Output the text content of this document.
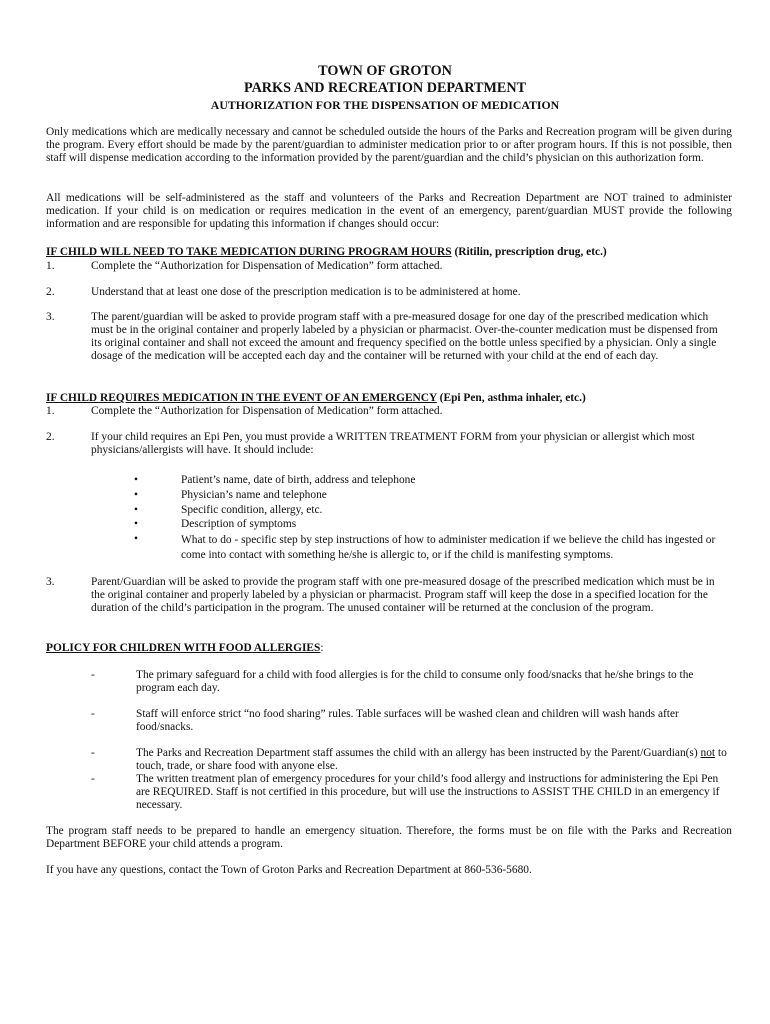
TOWN OF GROTON
PARKS AND RECREATION DEPARTMENT
AUTHORIZATION FOR THE DISPENSATION OF MEDICATION
Only medications which are medically necessary and cannot be scheduled outside the hours of the Parks and Recreation program will be given during the program. Every effort should be made by the parent/guardian to administer medication prior to or after program hours. If this is not possible, then staff will dispense medication according to the information provided by the parent/guardian and the child’s physician on this authorization form.
All medications will be self-administered as the staff and volunteers of the Parks and Recreation Department are NOT trained to administer medication. If your child is on medication or requires medication in the event of an emergency, parent/guardian MUST provide the following information and are responsible for updating this information if changes should occur:
IF CHILD WILL NEED TO TAKE MEDICATION DURING PROGRAM HOURS (Ritilin, prescription drug, etc.)
1.	Complete the “Authorization for Dispensation of Medication” form attached.
2.	Understand that at least one dose of the prescription medication is to be administered at home.
3.	The parent/guardian will be asked to provide program staff with a pre-measured dosage for one day of the prescribed medication which must be in the original container and properly labeled by a physician or pharmacist. Over-the-counter medication must be dispensed from its original container and shall not exceed the amount and frequency specified on the bottle unless specified by a physician. Only a single dosage of the medication will be accepted each day and the container will be returned with your child at the end of each day.
IF CHILD REQUIRES MEDICATION IN THE EVENT OF AN EMERGENCY (Epi Pen, asthma inhaler, etc.)
1.	Complete the “Authorization for Dispensation of Medication” form attached.
2.	If your child requires an Epi Pen, you must provide a WRITTEN TREATMENT FORM from your physician or allergist which most physicians/allergists will have. It should include:
•	Patient’s name, date of birth, address and telephone
•	Physician’s name and telephone
•	Specific condition, allergy, etc.
•	Description of symptoms
•	What to do - specific step by step instructions of how to administer medication if we believe the child has ingested or come into contact with something he/she is allergic to, or if the child is manifesting symptoms.
3.	Parent/Guardian will be asked to provide the program staff with one pre-measured dosage of the prescribed medication which must be in the original container and properly labeled by a physician or pharmacist. Program staff will keep the dose in a specified location for the duration of the child’s participation in the program. The unused container will be returned at the conclusion of the program.
POLICY FOR CHILDREN WITH FOOD ALLERGIES:
-	The primary safeguard for a child with food allergies is for the child to consume only food/snacks that he/she brings to the program each day.
-	Staff will enforce strict “no food sharing” rules. Table surfaces will be washed clean and children will wash hands after food/snacks.
-	The Parks and Recreation Department staff assumes the child with an allergy has been instructed by the Parent/Guardian(s) not to touch, trade, or share food with anyone else.
-	The written treatment plan of emergency procedures for your child’s food allergy and instructions for administering the Epi Pen are REQUIRED. Staff is not certified in this procedure, but will use the instructions to ASSIST THE CHILD in an emergency if necessary.
The program staff needs to be prepared to handle an emergency situation. Therefore, the forms must be on file with the Parks and Recreation Department BEFORE your child attends a program.
If you have any questions, contact the Town of Groton Parks and Recreation Department at 860-536-5680.
